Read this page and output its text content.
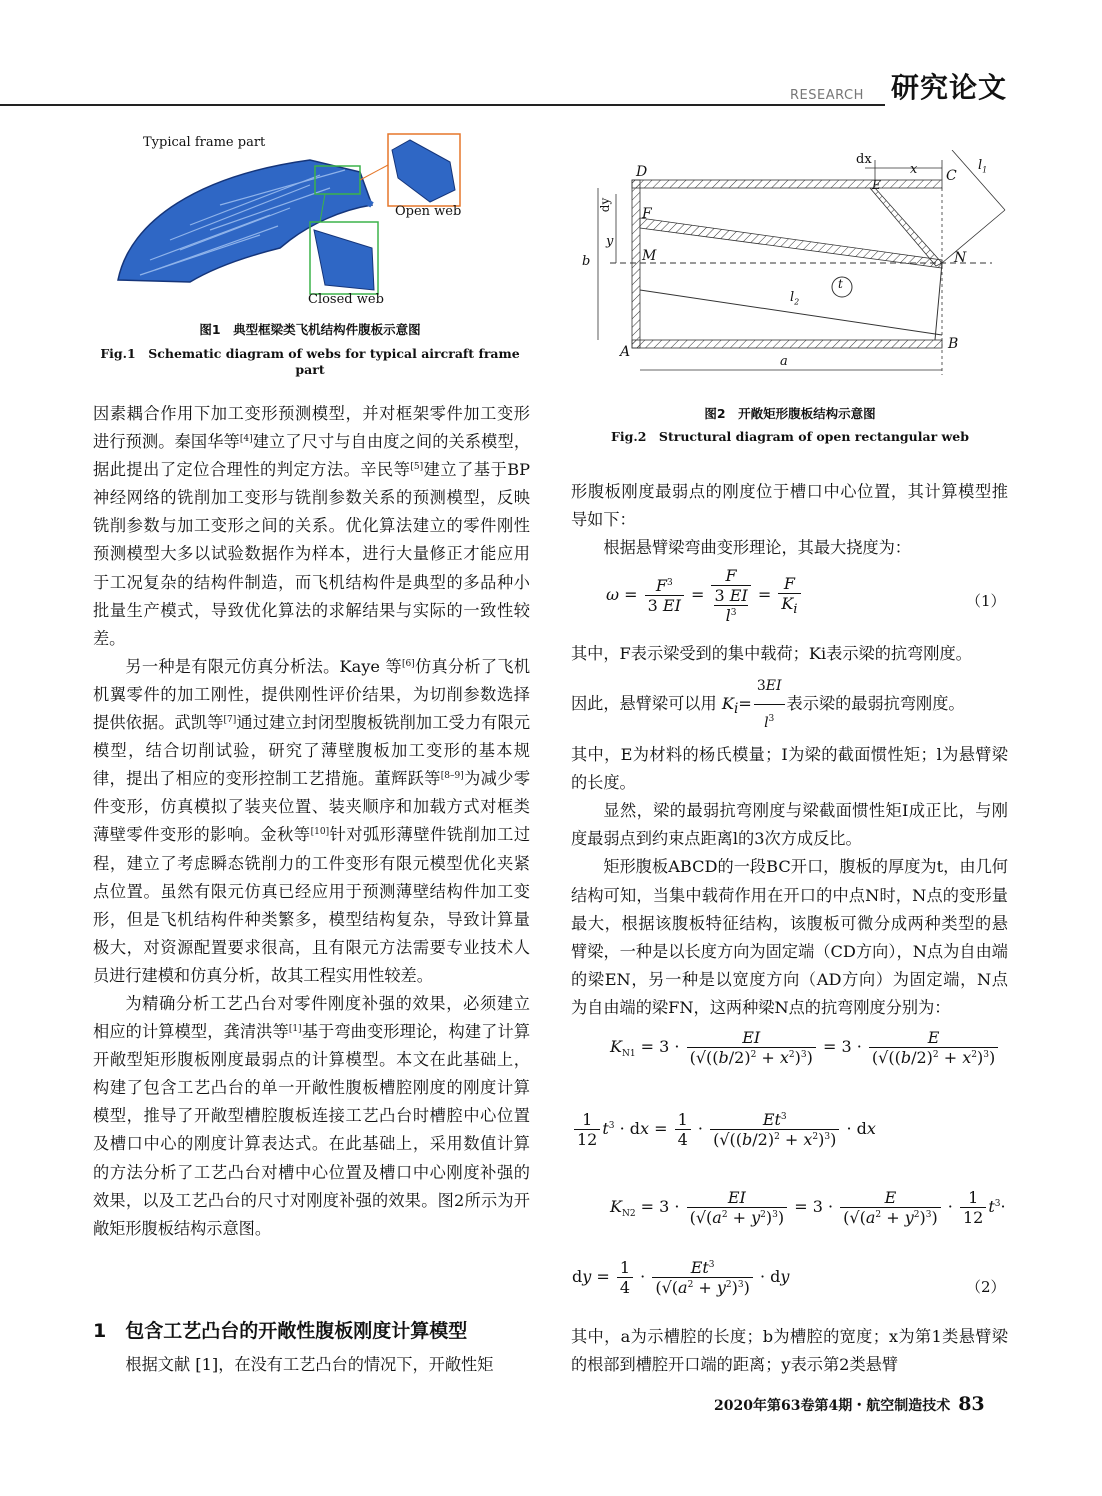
RESEARCH 研究论文
Typical frame part
Open web
Closed web
图1　典型框梁类飞机结构件腹板示意图
Fig.1　Schematic diagram of webs for typical aircraft frame part
D	C
E
F
M	N
A	B
dx
x
dy
y
b
a
$l_1$
$l_2$
t
图2　开敞矩形腹板结构示意图
Fig.2　Structural diagram of open rectangular web

因素耦合作用下加工变形预测模型，并对框架零件加工变形进行预测。秦国华等[4]建立了尺寸与自由度之间的关系模型，据此提出了定位合理性的判定方法。辛民等[5]建立了基于BP神经网络的铣削加工变形与铣削参数关系的预测模型，反映铣削参数与加工变形之间的关系。优化算法建立的零件刚性预测模型大多以试验数据作为样本，进行大量修正才能应用于工况复杂的结构件制造，而飞机结构件是典型的多品种小批量生产模式，导致优化算法的求解结果与实际的一致性较差。

另一种是有限元仿真分析法。Kaye 等[6]仿真分析了飞机机翼零件的加工刚性，提供刚性评价结果，为切削参数选择提供依据。武凯等[7]通过建立封闭型腹板铣削加工受力有限元模型，结合切削试验，研究了薄壁腹板加工变形的基本规律，提出了相应的变形控制工艺措施。董辉跃等[8–9]为减少零件变形，仿真模拟了装夹位置、装夹顺序和加载方式对框类薄壁零件变形的影响。金秋等[10]针对弧形薄壁件铣削加工过程，建立了考虑瞬态铣削力的工件变形有限元模型优化夹紧点位置。虽然有限元仿真已经应用于预测薄壁结构件加工变形，但是飞机结构件种类繁多，模型结构复杂，导致计算量极大，对资源配置要求很高，且有限元方法需要专业技术人员进行建模和仿真分析，故其工程实用性较差。

为精确分析工艺凸台对零件刚度补强的效果，必须建立相应的计算模型，龚清洪等[1]基于弯曲变形理论，构建了计算开敞型矩形腹板刚度最弱点的计算模型。本文在此基础上，构建了包含工艺凸台的单一开敞性腹板槽腔刚度的刚度计算模型，推导了开敞型槽腔腹板连接工艺凸台时槽腔中心位置及槽口中心的刚度计算表达式。在此基础上，采用数值计算的方法分析了工艺凸台对槽中心位置及槽口中心刚度补强的效果，以及工艺凸台的尺寸对刚度补强的效果。图2所示为开敞矩形腹板结构示意图。

1　包含工艺凸台的开敞性腹板刚度计算模型
根据文献 [1]，在没有工艺凸台的情况下，开敞性矩

形腹板刚度最弱点的刚度位于槽口中心位置，其计算模型推导如下：

根据悬臂梁弯曲变形理论，其最大挠度为：

$\omega = \frac{F^3}{3 EI}$ =
F
3 EI
$l^3$
= $\frac{F}{K_i}$	（1）

其中，F表示梁受到的集中载荷；Ki表示梁的抗弯刚度。

因此，悬臂梁可以用 $K_i= \frac{3EI}{l^3}$ 表示梁的最弱抗弯刚度。

其中，E为材料的杨氏模量；I为梁的截面惯性矩；l为悬臂梁的长度。

显然，梁的最弱抗弯刚度与梁截面惯性矩I成正比，与刚度最弱点到约束点距离l的3次方成反比。

矩形腹板ABCD的一段BC开口，腹板的厚度为t，由几何结构可知，当集中载荷作用在开口的中点N时，N点的变形量最大，根据该腹板特征结构，该腹板可微分成两种类型的悬臂梁，一种是以长度方向为固定端（CD方向），N点为自由端的梁EN，另一种是以宽度方向（AD方向）为固定端，N点为自由端的梁FN，这两种梁N点的抗弯刚度分别为：

$K_{N1} = 3 \cdot \frac{EI}{(√((b/2)^2 + x^2)^3)} = 3 \cdot \frac{E}{(√((b/2)^2 + x^2)^3)}$
$\frac{1}{12} t^3$ · dx = $\frac{1}{4} \cdot \frac{Et^3}{(√((b/2)^2 + x^2)^3)}$ · dx
$K_{N2} = 3 \cdot \frac{EI}{(√(a^2 + y^2)^3)} = 3 \cdot \frac{E}{(√(a^2 + y^2)^3)} \cdot \frac{1}{12} t^3\cdot$
dy = $\frac{1}{4} \cdot \frac{Et^3}{(√(a^2 + y^2)^3)}$ · dy
（2）
其中，a为示槽腔的长度；b为槽腔的宽度；x为第1类悬臂梁的根部到槽腔开口端的距离；y表示第2类悬臂
2020年第63卷第4期・航空制造技术 83
